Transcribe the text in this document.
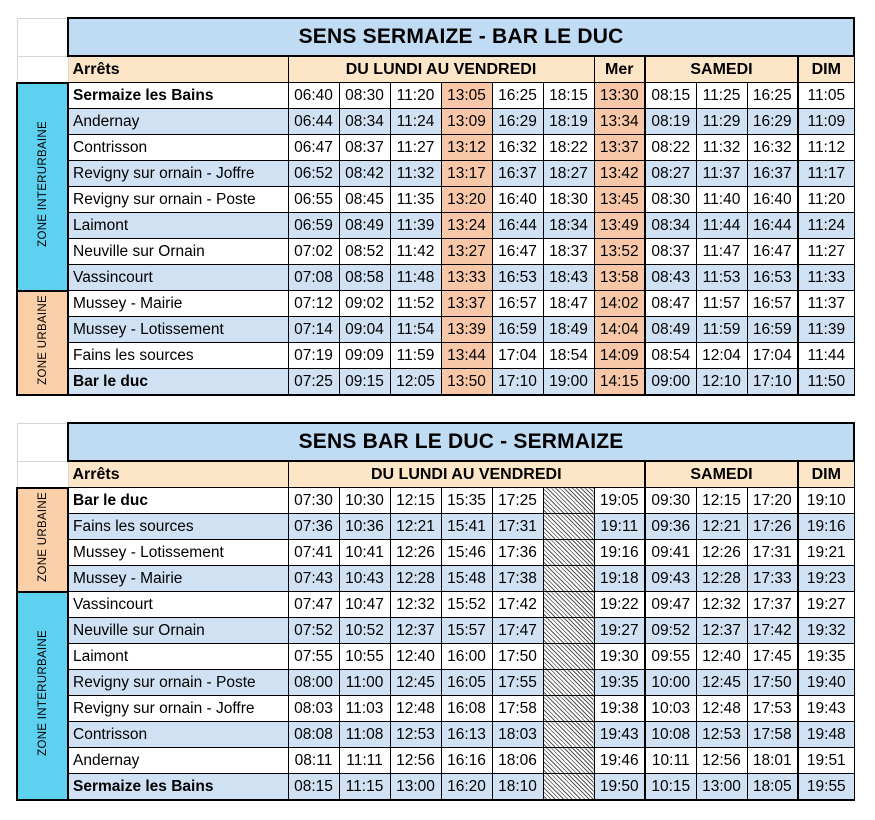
	SENS SERMAIZE - BAR LE DUC											
	Arrêts	DU LUNDI AU VENDREDI						Mer	SAMEDI			DIM
ZONE INTERURBAINE	Sermaize les Bains	06:40	08:30	11:20	13:05	16:25	18:15	13:30	08:15	11:25	16:25	11:05
	Andernay	06:44	08:34	11:24	13:09	16:29	18:19	13:34	08:19	11:29	16:29	11:09
	Contrisson	06:47	08:37	11:27	13:12	16:32	18:22	13:37	08:22	11:32	16:32	11:12
	Revigny sur ornain - Joffre	06:52	08:42	11:32	13:17	16:37	18:27	13:42	08:27	11:37	16:37	11:17
	Revigny sur ornain - Poste	06:55	08:45	11:35	13:20	16:40	18:30	13:45	08:30	11:40	16:40	11:20
	Laimont	06:59	08:49	11:39	13:24	16:44	18:34	13:49	08:34	11:44	16:44	11:24
	Neuville sur Ornain	07:02	08:52	11:42	13:27	16:47	18:37	13:52	08:37	11:47	16:47	11:27
	Vassincourt	07:08	08:58	11:48	13:33	16:53	18:43	13:58	08:43	11:53	16:53	11:33
ZONE URBAINE	Mussey - Mairie	07:12	09:02	11:52	13:37	16:57	18:47	14:02	08:47	11:57	16:57	11:37
	Mussey - Lotissement	07:14	09:04	11:54	13:39	16:59	18:49	14:04	08:49	11:59	16:59	11:39
	Fains les sources	07:19	09:09	11:59	13:44	17:04	18:54	14:09	08:54	12:04	17:04	11:44
	Bar le duc	07:25	09:15	12:05	13:50	17:10	19:00	14:15	09:00	12:10	17:10	11:50
	SENS BAR LE DUC - SERMAIZE											
	Arrêts	DU LUNDI AU VENDREDI							SAMEDI			DIM
ZONE URBAINE	Bar le duc	07:30	10:30	12:15	15:35	17:25		19:05	09:30	12:15	17:20	19:10
	Fains les sources	07:36	10:36	12:21	15:41	17:31		19:11	09:36	12:21	17:26	19:16
	Mussey - Lotissement	07:41	10:41	12:26	15:46	17:36		19:16	09:41	12:26	17:31	19:21
	Mussey - Mairie	07:43	10:43	12:28	15:48	17:38		19:18	09:43	12:28	17:33	19:23
ZONE INTERURBAINE	Vassincourt	07:47	10:47	12:32	15:52	17:42		19:22	09:47	12:32	17:37	19:27
	Neuville sur Ornain	07:52	10:52	12:37	15:57	17:47		19:27	09:52	12:37	17:42	19:32
	Laimont	07:55	10:55	12:40	16:00	17:50		19:30	09:55	12:40	17:45	19:35
	Revigny sur ornain - Poste	08:00	11:00	12:45	16:05	17:55		19:35	10:00	12:45	17:50	19:40
	Revigny sur ornain - Joffre	08:03	11:03	12:48	16:08	17:58		19:38	10:03	12:48	17:53	19:43
	Contrisson	08:08	11:08	12:53	16:13	18:03		19:43	10:08	12:53	17:58	19:48
	Andernay	08:11	11:11	12:56	16:16	18:06		19:46	10:11	12:56	18:01	19:51
	Sermaize les Bains	08:15	11:15	13:00	16:20	18:10		19:50	10:15	13:00	18:05	19:55
